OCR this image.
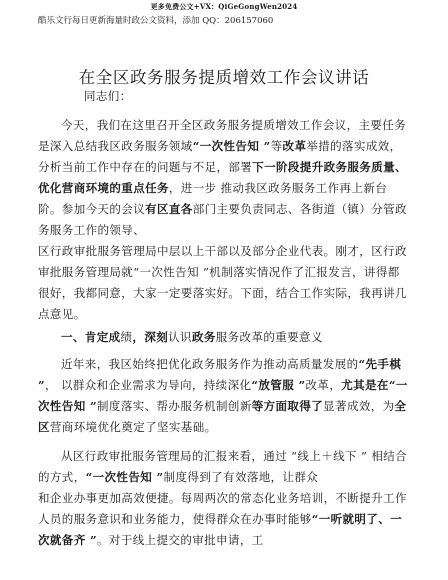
更多免费公文+VX：QiGeGongWen2024
酷乐文行每日更新海量时政公文资料，添加 QQ：206157060
在全区政务服务提质增效工作会议讲话

同志们：

今天，我们在这里召开全区政务服务提质增效工作会议，主要任务是深入总结我区政务服务领域“一次性告知 ”等改革举措的落实成效，分析当前工作中存在的问题与不足，部署下一阶段提升政务服务质量、优化营商环境的重点任务，进一步 推动我区政务服务工作再上新台阶。参加今天的会议有区直各部门主要负责同志、各街道（镇）分管政务服务工作的领导、

区行政审批服务管理局中层以上干部以及部分企业代表。刚才，区行政审批服务管理局就“一次性告知 ”机制落实情况作了汇报发言，讲得都很好，我都同意，大家一定要落实好。下面，结合工作实际，我再讲几点意见。

一、肯定成绩，深刻认识政务服务改革的重要意义

近年来，我区始终把优化政务服务作为推动高质量发展的“先手棋 ”， 以群众和企业需求为导向，持续深化“放管服 ”改革，尤其是在“一次性告知 ”制度落实、帮办服务机制创新等方面取得了显著成效，为全区营商环境优化奠定了坚实基础。

从区行政审批服务管理局的汇报来看，通过 “线上＋线下 ” 相结合的方式，“一次性告知 ”制度得到了有效落地，让群众

和企业办事更加高效便捷。每周两次的常态化业务培训，不断提升工作人员的服务意识和业务能力，使得群众在办事时能够“一听就明了、一次就备齐 ”。对于线上提交的审批申请，工
